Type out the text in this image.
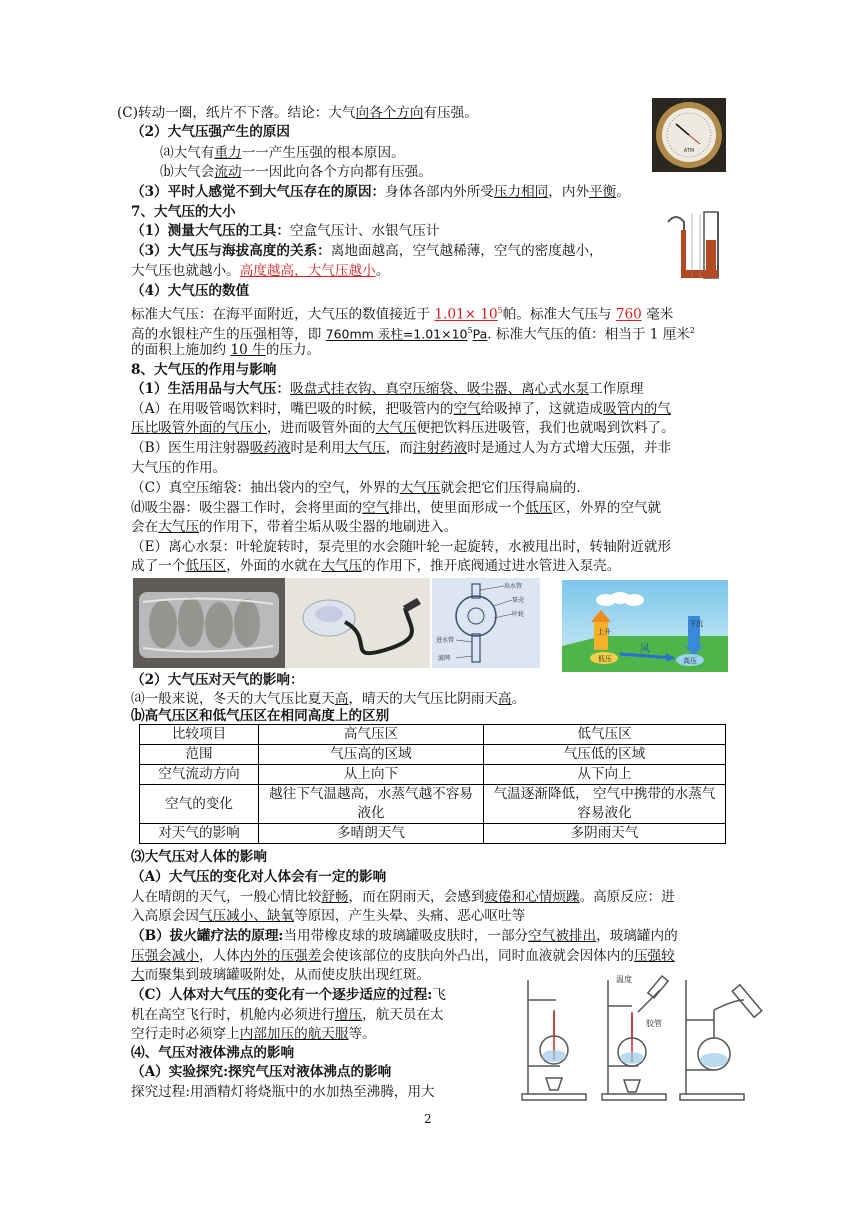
ATM
(C)转动一圈，纸片不下落。结论：大气向各个方向有压强。
（2）大气压强产生的原因
⒜大气有重力一一产生压强的根本原因。
⒝大气会流动一一因此向各个方向都有压强。
（3）平时人感觉不到大气压存在的原因：身体各部内外所受压力相同，内外平衡。
7、大气压的大小
（1）测量大气压的工具：空盒气压计、水银气压计
（3）大气压与海拔高度的关系：离地面越高，空气越稀薄，空气的密度越小，
大气压也就越小。高度越高，大气压越小。
（4）大气压的数值
标准大气压：在海平面附近，大气压的数值接近于 $1.01\times 10^5$帕。标准大气压与 760 毫米
高的水银柱产生的压强相等，即 760mm 汞柱$=1.01\times 10^5Pa$. 标准大气压的值：相当于 1 厘米$^2$
的面积上施加约 10 牛的压力。
8、大气压的作用与影响
（1）生活用品与大气压：吸盘式挂衣钩、真空压缩袋、吸尘器、离心式水泵工作原理
（A）在用吸管喝饮料时，嘴巴吸的时候，把吸管内的空气给吸掉了，这就造成吸管内的气
压比吸管外面的气压小，进而吸管外面的大气压便把饮料压进吸管，我们也就喝到饮料了。
（B）医生用注射器吸药液时是利用大气压，而注射药液时是通过人为方式增大压强，并非
大气压的作用。
（C）真空压缩袋：抽出袋内的空气，外界的大气压就会把它们压得扁扁的.
⒟吸尘器：吸尘器工作时，会将里面的空气排出，使里面形成一个低压区，外界的空气就
会在大气压的作用下，带着尘垢从吸尘器的地刷进入。
（E）离心水泵：叶轮旋转时，泵壳里的水会随叶轮一起旋转，水被甩出时，转轴附近就形
成了一个低压区，外面的水就在大气压的作用下，推开底阀通过进水管进入泵壳。
出水管
泵壳
叶轮
进水管
滤网
上升
低压
风
下沉
高压
（2）大气压对天气的影响：
⒜一般来说，冬天的大气压比夏天高，晴天的大气压比阴雨天高。
⒝高气压区和低气压区在相同高度上的区别
比较项目	高气压区	低气压区
范围	气压高的区域	气压低的区域
空气流动方向	从上向下	从下向上
空气的变化	越往下气温越高，水蒸气越不容易液化	气温逐渐降低， 空气中携带的水蒸气容易液化
对天气的影响	多晴朗天气	多阴雨天气
⑶大气压对人体的影响
（A）大气压的变化对人体会有一定的影响
人在晴朗的天气，一般心情比较舒畅，而在阴雨天，会感到疲倦和心情烦躁。高原反应：进
入高原会因气压减小、缺氧等原因，产生头晕、头痛、恶心呕吐等
（B）拔火罐疗法的原理:当用带橡皮球的玻璃罐吸皮肤时，一部分空气被排出，玻璃罐内的
压强会减小，人体内外的压强差会使该部位的皮肤向外凸出，同时血液就会因体内的压强较
大而聚集到玻璃罐吸附处，从而使皮肤出现红斑。
（C）人体对大气压的变化有一个逐步适应的过程:飞
机在高空飞行时，机舱内必须进行增压，航天员在太
空行走时必须穿上内部加压的航天服等。
⑷、气压对液体沸点的影响
（A）实验探究:探究气压对液体沸点的影响
探究过程:用酒精灯将烧瓶中的水加热至沸腾，用大
温度
胶管
2
